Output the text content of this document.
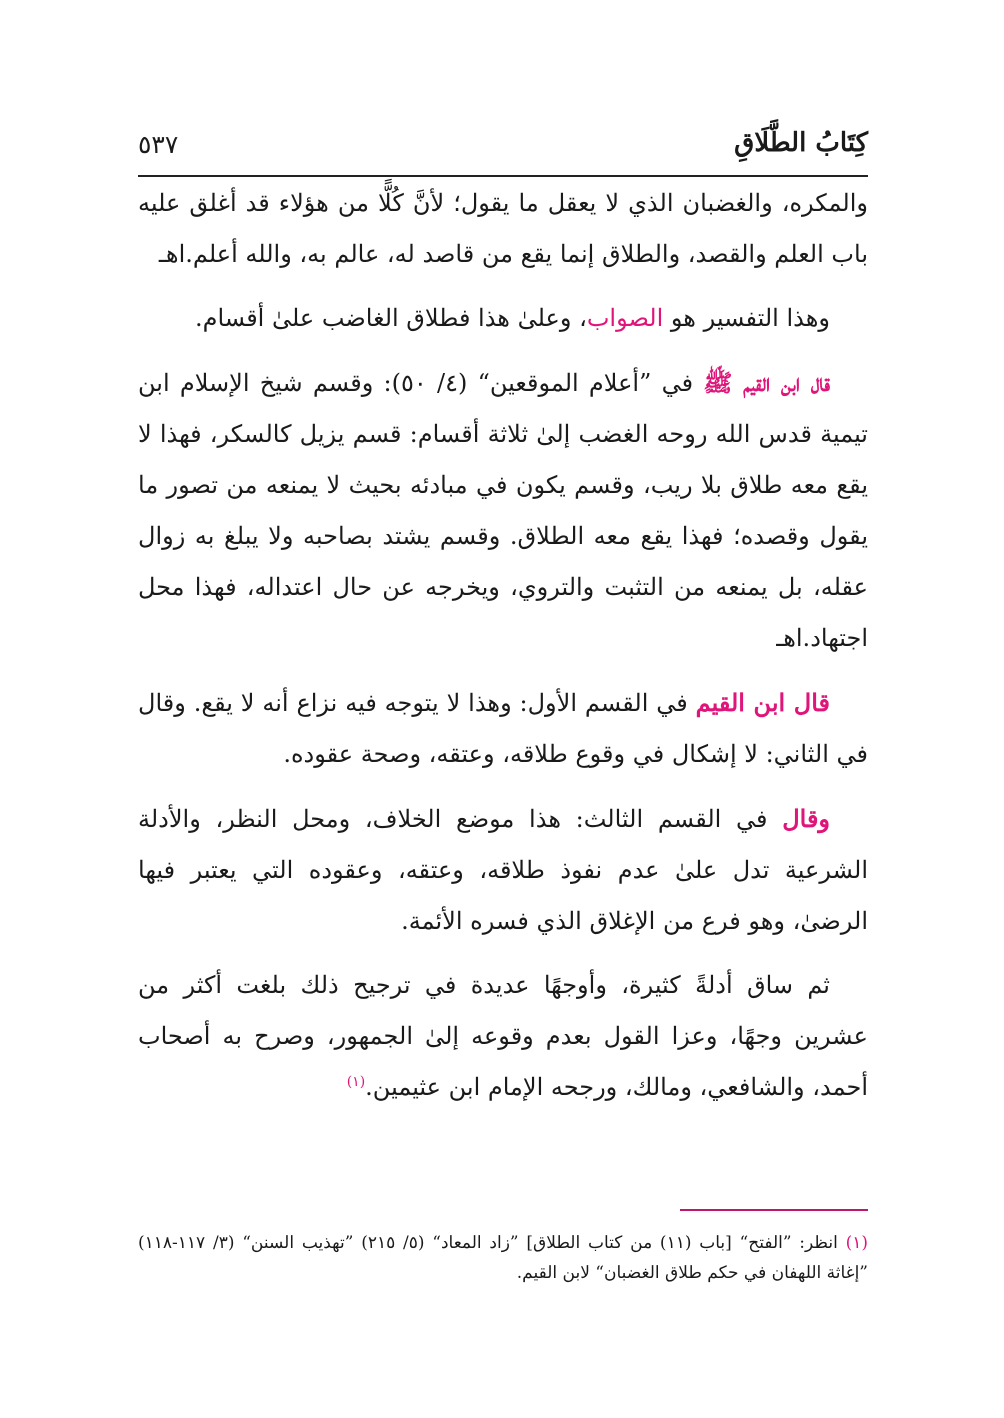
كِتَابُ الطَّلَاقِ
٥٣٧

والمكره، والغضبان الذي لا يعقل ما يقول؛ لأنَّ كُلًّا من هؤلاء قد أغلق عليه باب العلم والقصد، والطلاق إنما يقع من قاصد له، عالم به، والله أعلم.اهـ

وهذا التفسير هو الصواب، وعلىٰ هذا فطلاق الغاضب علىٰ أقسام.

قال ابن القيم ﷺ في ”أعلام الموقعين“ (٤/ ٥٠): وقسم شيخ الإسلام ابن تيمية قدس الله روحه الغضب إلىٰ ثلاثة أقسام: قسم يزيل كالسكر، فهذا لا يقع معه طلاق بلا ريب، وقسم يكون في مبادئه بحيث لا يمنعه من تصور ما يقول وقصده؛ فهذا يقع معه الطلاق. وقسم يشتد بصاحبه ولا يبلغ به زوال عقله، بل يمنعه من التثبت والتروي، ويخرجه عن حال اعتداله، فهذا محل اجتهاد.اهـ

قال ابن القيم في القسم الأول: وهذا لا يتوجه فيه نزاع أنه لا يقع. وقال في الثاني: لا إشكال في وقوع طلاقه، وعتقه، وصحة عقوده.

وقال في القسم الثالث: هذا موضع الخلاف، ومحل النظر، والأدلة الشرعية تدل علىٰ عدم نفوذ طلاقه، وعتقه، وعقوده التي يعتبر فيها الرضىٰ، وهو فرع من الإغلاق الذي فسره الأئمة.

ثم ساق أدلةً كثيرة، وأوجهًا عديدة في ترجيح ذلك بلغت أكثر من عشرين وجهًا، وعزا القول بعدم وقوعه إلىٰ الجمهور، وصرح به أصحاب أحمد، والشافعي، ومالك، ورجحه الإمام ابن عثيمين.$^{(١)}$

(١) انظر: ”الفتح“ [باب (١١) من كتاب الطلاق] ”زاد المعاد“ (٥/ ٢١٥) ”تهذيب السنن“ (٣/ ١١٧-١١٨) ”إغاثة اللهفان في حكم طلاق الغضبان“ لابن القيم.
